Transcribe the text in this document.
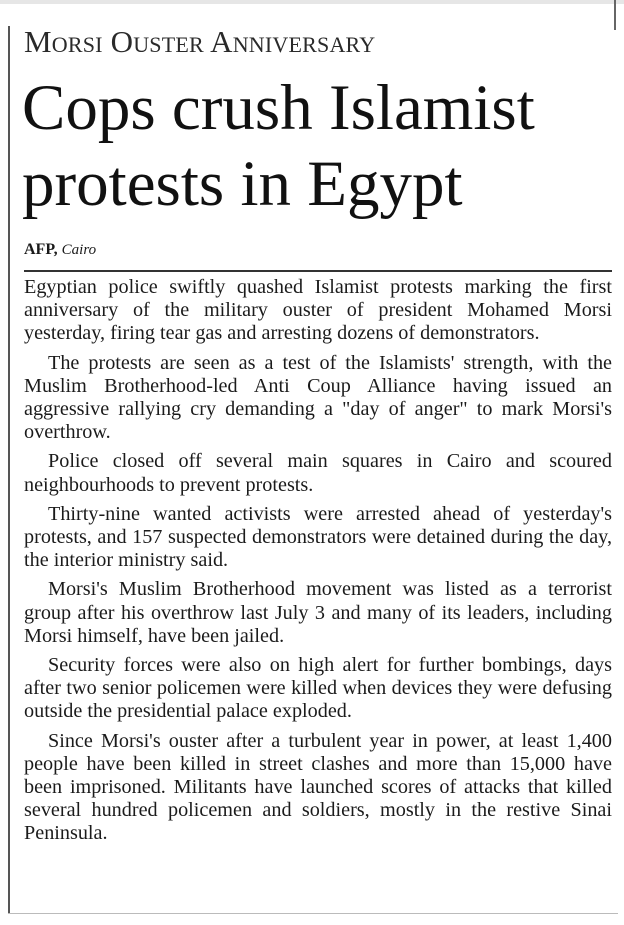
Morsi Ouster Anniversary
Cops crush Islamist
protests in Egypt
AFP, Cairo

Egyptian police swiftly quashed Islamist protests marking the first anniversary of the military ouster of president Mohamed Morsi yesterday, firing tear gas and arresting dozens of demonstrators.

The protests are seen as a test of the Islamists' strength, with the Muslim Brotherhood-led Anti Coup Alliance having issued an aggressive rallying cry demanding a "day of anger" to mark Morsi's overthrow.

Police closed off several main squares in Cairo and scoured neighbourhoods to prevent protests.

Thirty-nine wanted activists were arrested ahead of yesterday's protests, and 157 suspected demonstrators were detained during the day, the interior ministry said.

Morsi's Muslim Brotherhood movement was listed as a terrorist group after his overthrow last July 3 and many of its leaders, including Morsi himself, have been jailed.

Security forces were also on high alert for further bombings, days after two senior policemen were killed when devices they were defusing outside the presidential palace exploded.

Since Morsi's ouster after a turbulent year in power, at least 1,400 people have been killed in street clashes and more than 15,000 have been imprisoned. Militants have launched scores of attacks that killed several hundred policemen and soldiers, mostly in the restive Sinai Peninsula.
